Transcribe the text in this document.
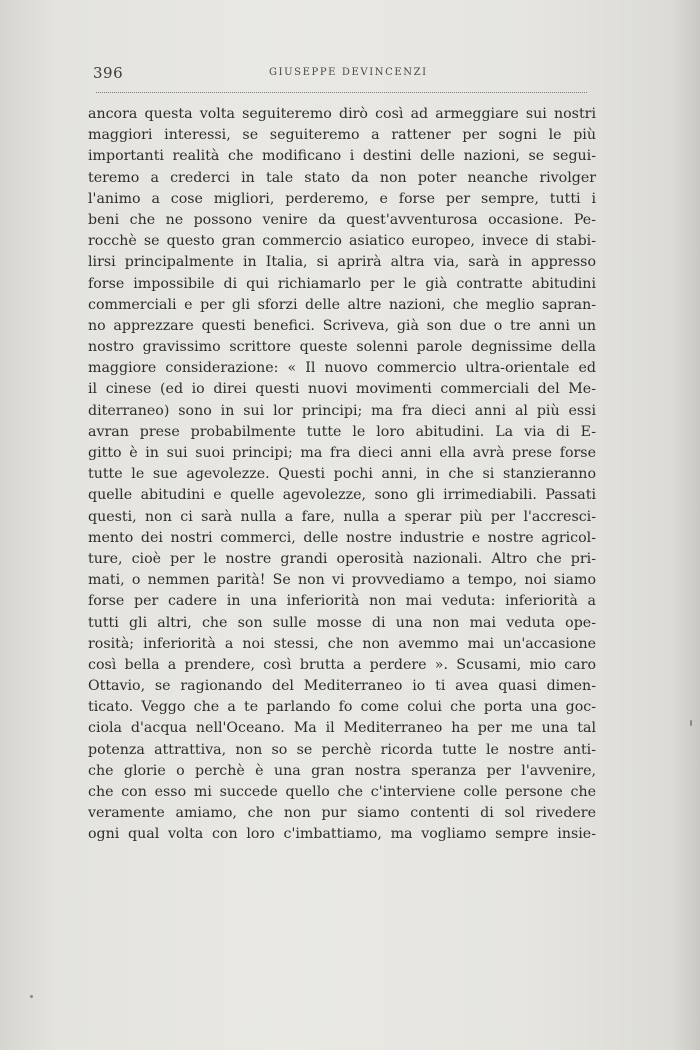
396	GIUSEPPE DEVINCENZI
ancora questa volta seguiteremo dirò così ad armeggiare sui nostri
maggiori interessi, se seguiteremo a rattener per sogni le più
importanti realità che modificano i destini delle nazioni, se segui-
teremo a crederci in tale stato da non poter neanche rivolger
l'animo a cose migliori, perderemo, e forse per sempre, tutti i
beni che ne possono venire da quest'avventurosa occasione. Pe-
rocchè se questo gran commercio asiatico europeo, invece di stabi-
lirsi principalmente in Italia, si aprirà altra via, sarà in appresso
forse impossibile di qui richiamarlo per le già contratte abitudini
commerciali e per gli sforzi delle altre nazioni, che meglio sapran-
no apprezzare questi benefici. Scriveva, già son due o tre anni un
nostro gravissimo scrittore queste solenni parole degnissime della
maggiore considerazione: « Il nuovo commercio ultra-orientale ed
il cinese (ed io direi questi nuovi movimenti commerciali del Me-
diterraneo) sono in sui lor principi; ma fra dieci anni al più essi
avran prese probabilmente tutte le loro abitudini. La via di E-
gitto è in sui suoi principi; ma fra dieci anni ella avrà prese forse
tutte le sue agevolezze. Questi pochi anni, in che si stanzieranno
quelle abitudini e quelle agevolezze, sono gli irrimediabili. Passati
questi, non ci sarà nulla a fare, nulla a sperar più per l'accresci-
mento dei nostri commerci, delle nostre industrie e nostre agricol-
ture, cioè per le nostre grandi operosità nazionali. Altro che pri-
mati, o nemmen parità! Se non vi provvediamo a tempo, noi siamo
forse per cadere in una inferiorità non mai veduta: inferiorità a
tutti gli altri, che son sulle mosse di una non mai veduta ope-
rosità; inferiorità a noi stessi, che non avemmo mai un'accasione
così bella a prendere, così brutta a perdere ». Scusami, mio caro
Ottavio, se ragionando del Mediterraneo io ti avea quasi dimen-
ticato. Veggo che a te parlando fo come colui che porta una goc-
ciola d'acqua nell'Oceano. Ma il Mediterraneo ha per me una tal
potenza attrattiva, non so se perchè ricorda tutte le nostre anti-
che glorie o perchè è una gran nostra speranza per l'avvenire,
che con esso mi succede quello che c'interviene colle persone che
veramente amiamo, che non pur siamo contenti di sol rivedere
ogni qual volta con loro c'imbattiamo, ma vogliamo sempre insie-
